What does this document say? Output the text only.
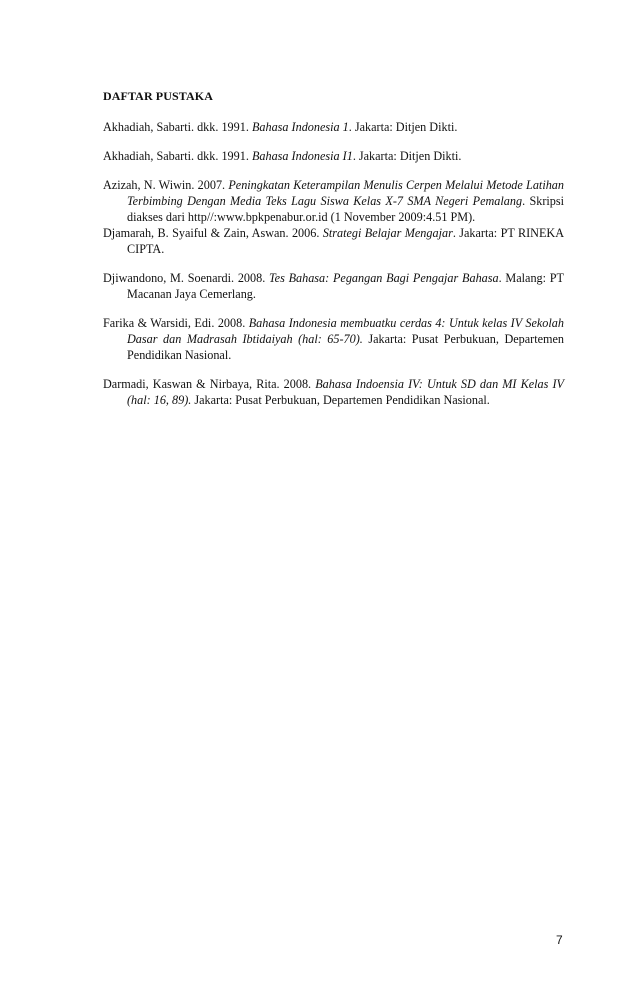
DAFTAR PUSTAKA

Akhadiah, Sabarti. dkk. 1991. Bahasa Indonesia 1. Jakarta: Ditjen Dikti.

Akhadiah, Sabarti. dkk. 1991. Bahasa Indonesia I1. Jakarta: Ditjen Dikti.

Azizah, N. Wiwin. 2007. Peningkatan Keterampilan Menulis Cerpen Melalui Metode Latihan Terbimbing Dengan Media Teks Lagu Siswa Kelas X-7 SMA Negeri Pemalang. Skripsi diakses dari http//:www.bpkpenabur.or.id (1 November 2009:4.51 PM).

Djamarah, B. Syaiful & Zain, Aswan. 2006. Strategi Belajar Mengajar. Jakarta: PT RINEKA CIPTA.

Djiwandono, M. Soenardi. 2008. Tes Bahasa: Pegangan Bagi Pengajar Bahasa. Malang: PT Macanan Jaya Cemerlang.

Farika & Warsidi, Edi. 2008. Bahasa Indonesia membuatku cerdas 4: Untuk kelas IV Sekolah Dasar dan Madrasah Ibtidaiyah (hal: 65-70). Jakarta: Pusat Perbukuan, Departemen Pendidikan Nasional.

Darmadi, Kaswan & Nirbaya, Rita. 2008. Bahasa Indoensia IV: Untuk SD dan MI Kelas IV (hal: 16, 89). Jakarta: Pusat Perbukuan, Departemen Pendidikan Nasional.

7
